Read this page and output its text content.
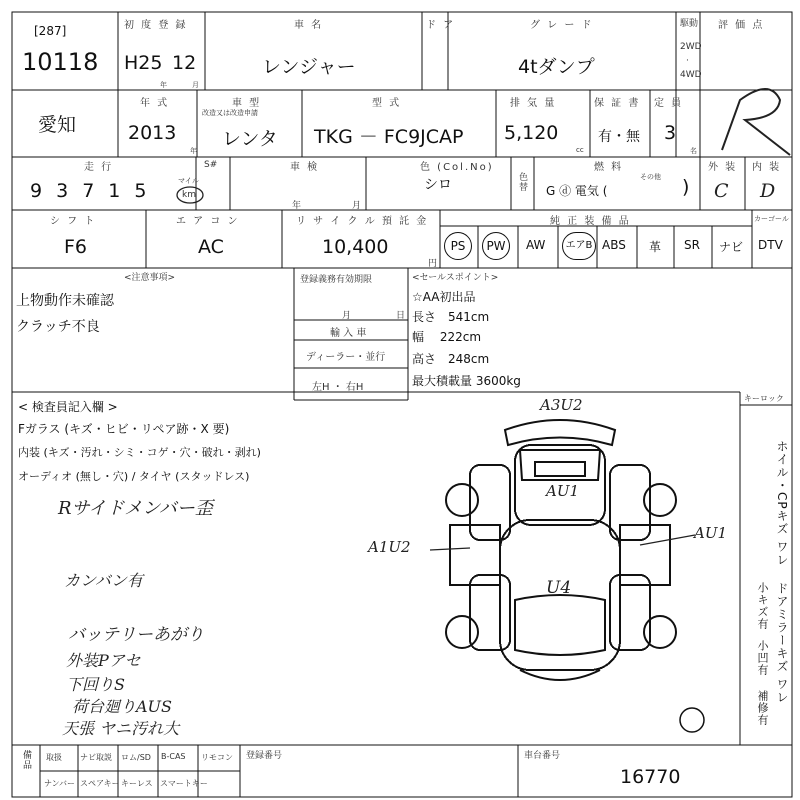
[287]
10118
初 度 登 録
H25 12
年	月
車 名
レンジャー
ド ア	グ レ ー ド
4tダンプ
駆動
2WD
·
4WD
評 価 点
愛知
年 式
2013
年
車 型
改造又は改造申請
レンタ
型 式
TKG － FC9JCAP
排 気 量
5,120
cc
保 証 書
有・無
定 員
3
名
走 行
93715	マイル
km
S#	車 検
年	月
色 (Col.No)
シロ	色替
燃 料
G ⓓ 電気 (
その他 )
外 装
C
内 装
D
シ フ ト
F6
エ ア コ ン
AC
リ サ イ ク ル 預 託 金
10,400
円
純 正 装 備 品	カーゴール
PS	PW	AW	エアB ABS 革 SR ナビ DTV
<注意事項>
上物動作未確認
クラッチ不良
登録義務有効期限
月	日
輸 入 車
ディーラー・並行
左H ・ 右H
<セールスポイント>
☆AA初出品
長さ　541cm
幅　 222cm
高さ　248cm
最大積載量 3600kg
< 検査員記入欄 >
Fガラス (キズ・ヒビ・リペア跡・X 要)
内装 (キズ・汚れ・シミ・コゲ・穴・破れ・剥れ)
オーディオ (無し・穴) / タイヤ (スタッドレス)
Rサイドメンバー歪
カンバン有
バッテリーあがり
外装Pアセ
下回りS
荷台廻りAUS
天張 ヤニ汚れ大
A3U2
AU1
A1U2
AU1
U4
キーロック
ホイル・CPキズ ワレ
ドアミラーキズ ワレ
小キズ有
小凹有
補修有
備品 取扱 ナビ取説 ロム/SD B-CAS リモコン
ナンバー スペアキー キーレス スマートキー
登録番号	車台番号
16770
